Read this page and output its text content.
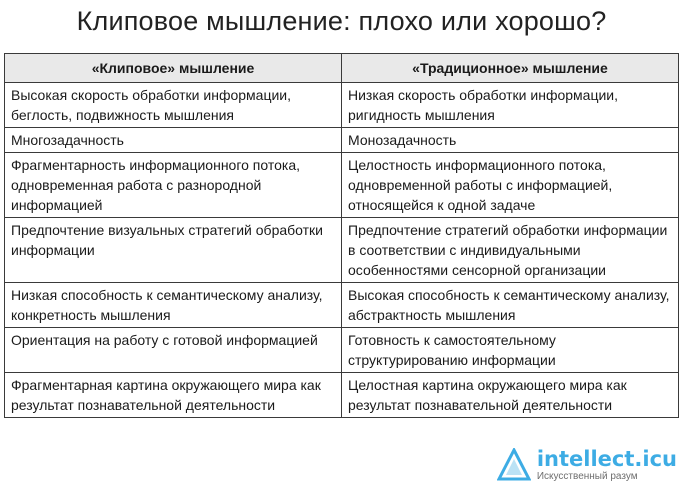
Клиповое мышление: плохо или хорошо?
«Клиповое» мышление	«Традиционное» мышление
Высокая скорость обработки информации, беглость, подвижность мышления	Низкая скорость обработки информации, ригидность мышления
Многозадачность	Монозадачность
Фрагментарность информационного потока, одновременная работа с разнородной информацией	Целостность информационного потока, одновременной работы с информацией, относящейся к одной задаче
Предпочтение визуальных стратегий обработки информации	Предпочтение стратегий обработки информации в соответствии с индивидуальными особенностями сенсорной организации
Низкая способность к семантическому анализу, конкретность мышления	Высокая способность к семантическому анализу, абстрактность мышления
Ориентация на работу с готовой информацией	Готовность к самостоятельному структурированию информации
Фрагментарная картина окружающего мира как результат познавательной деятельности	Целостная картина окружающего мира как результат познавательной деятельности
intellect.icu
Искусственный разум
